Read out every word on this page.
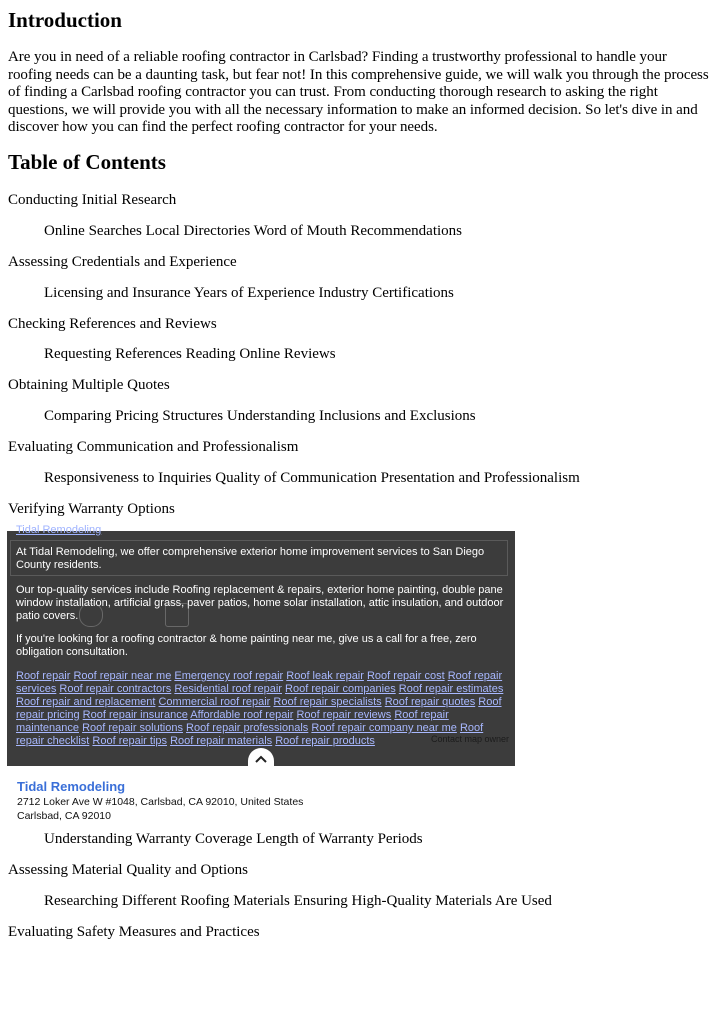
Introduction

Are you in need of a reliable roofing contractor in Carlsbad? Finding a trustworthy professional to handle your roofing needs can be a daunting task, but fear not! In this comprehensive guide, we will walk you through the process of finding a Carlsbad roofing contractor you can trust. From conducting thorough research to asking the right questions, we will provide you with all the necessary information to make an informed decision. So let's dive in and discover how you can find the perfect roofing contractor for your needs.

Table of Contents

Conducting Initial Research

Online Searches Local Directories Word of Mouth Recommendations

Assessing Credentials and Experience

Licensing and Insurance Years of Experience Industry Certifications

Checking References and Reviews

Requesting References Reading Online Reviews

Obtaining Multiple Quotes

Comparing Pricing Structures Understanding Inclusions and Exclusions

Evaluating Communication and Professionalism

Responsiveness to Inquiries Quality of Communication Presentation and Professionalism

Verifying Warranty Options

Understanding Warranty Coverage Length of Warranty Periods

Assessing Material Quality and Options

Researching Different Roofing Materials Ensuring High-Quality Materials Are Used

Evaluating Safety Measures and Practices

Tidal Remodeling

At Tidal Remodeling, we offer comprehensive exterior home improvement services to San Diego County residents.

Our top-quality services include Roofing replacement & repairs, exterior home painting, double pane window installation, artificial grass, paver patios, home solar installation, attic insulation, and outdoor patio covers.

If you're looking for a roofing contractor & home painting near me, give us a call for a free, zero obligation consultation.

Roof repair Roof repair near me Emergency roof repair Roof leak repair Roof repair cost Roof repair services Roof repair contractors Residential roof repair Roof repair companies Roof repair estimates Roof repair and replacement Commercial roof repair Roof repair specialists Roof repair quotes Roof repair pricing Roof repair insurance Affordable roof repair Roof repair reviews Roof repair maintenance Roof repair solutions Roof repair professionals Roof repair company near me Roof repair checklist Roof repair tips Roof repair materials Roof repair products	Contact map owner

Tidal Remodeling

2712 Loker Ave W #1048, Carlsbad, CA 92010, United States

Carlsbad, CA 92010
